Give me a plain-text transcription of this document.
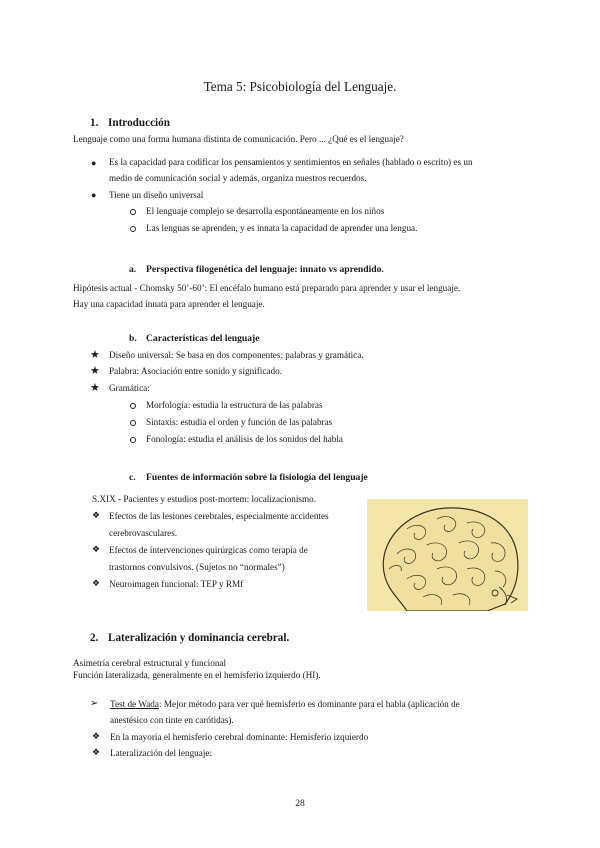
Tema 5: Psicobiología del Lenguaje.
1. Introducción
Lenguaje como una forma humana distinta de comunicación. Pero ... ¿Qué es el lenguaje?
● Es la capacidad para codificar los pensamientos y sentimientos en señales (hablado o escrito) es un
medio de comunicación social y además, organiza nuestros recuerdos.
● Tiene un diseño universal
El lenguaje complejo se desarrolla espontáneamente en los niños
Las lenguas se aprenden, y es innata la capacidad de aprender una lengua.
a. Perspectiva filogenética del lenguaje: innato vs aprendido.
Hipótesis actual - Chomsky 50’-60’: El encéfalo humano está preparado para aprender y usar el lenguaje.
Hay una capacidad innata para aprender el lenguaje.
b. Características del lenguaje
★ Diseño universal: Se basa en dos componentes: palabras y gramática.
★ Palabra: Asociación entre sonido y significado.
★ Gramática:
Morfología: estudia la estructura de las palabras
Sintaxis: estudia el orden y función de las palabras
Fonología: estudia el análisis de los sonidos del habla
c. Fuentes de información sobre la fisiología del lenguaje
S.XIX - Pacientes y estudios post-mortem: localizacionismo.
❖ Efectos de las lesiones cerebrales, especialmente accidentes
cerebrovasculares.
❖ Efectos de intervenciones quirúrgicas como terapia de
trastornos convulsivos. (Sujetos no “normales”)
❖ Neuroimagen funcional: TEP y RMf
2. Lateralización y dominancia cerebral.
Asimetría cerebral estructural y funcional
Función lateralizada, generalmente en el hemisferio izquierdo (HI).
➢ Test de Wada: Mejor método para ver qué hemisferio es dominante para el habla (aplicación de
anestésico con tinte en carótidas).
❖ En la mayoría el hemisferio cerebral dominante: Hemisferio izquierdo
❖ Lateralización del lenguaje:
28
